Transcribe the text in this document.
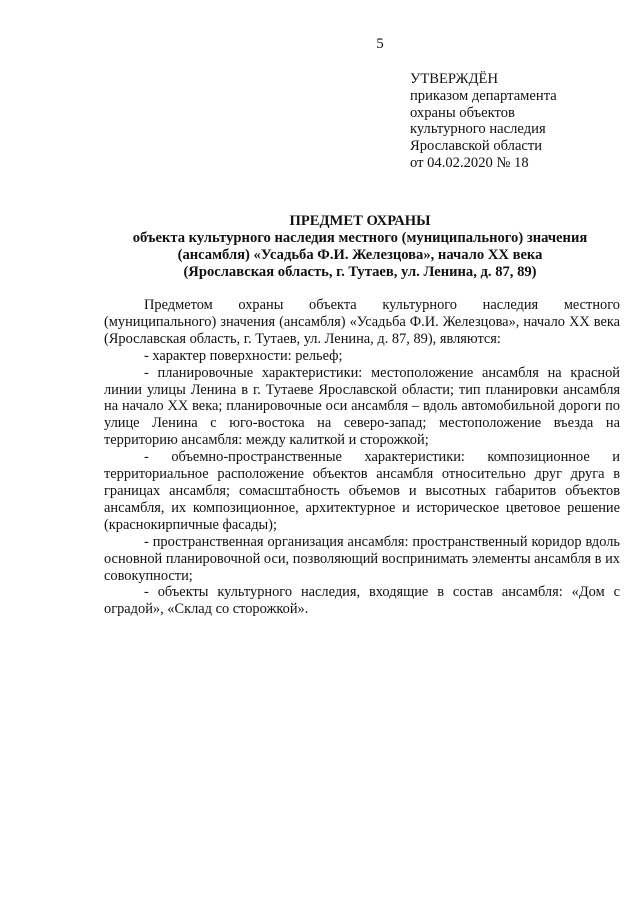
5
УТВЕРЖДЁН
приказом департамента
охраны объектов
культурного наследия
Ярославской области
от 04.02.2020 № 18
ПРЕДМЕТ ОХРАНЫ
объекта культурного наследия местного (муниципального) значения
(ансамбля) «Усадьба Ф.И. Железцова», начало XX века
(Ярославская область, г. Тутаев, ул. Ленина, д. 87, 89)

Предметом охраны объекта культурного наследия местного (муниципального) значения (ансамбля) «Усадьба Ф.И. Железцова», начало XX века (Ярославская область, г. Тутаев, ул. Ленина, д. 87, 89), являются:

- характер поверхности: рельеф;

- планировочные характеристики: местоположение ансамбля на красной линии улицы Ленина в г. Тутаеве Ярославской области; тип планировки ансамбля на начало XX века; планировочные оси ансамбля – вдоль автомобильной дороги по улице Ленина с юго-востока на северо-запад; местоположение въезда на территорию ансамбля: между калиткой и сторожкой;

- объемно-пространственные характеристики: композиционное и территориальное расположение объектов ансамбля относительно друг друга в границах ансамбля; сомасштабность объемов и высотных габаритов объектов ансамбля, их композиционное, архитектурное и историческое цветовое решение (краснокирпичные фасады);

- пространственная организация ансамбля: пространственный коридор вдоль основной планировочной оси, позволяющий воспринимать элементы ансамбля в их совокупности;

- объекты культурного наследия, входящие в состав ансамбля: «Дом с оградой», «Склад со сторожкой».
